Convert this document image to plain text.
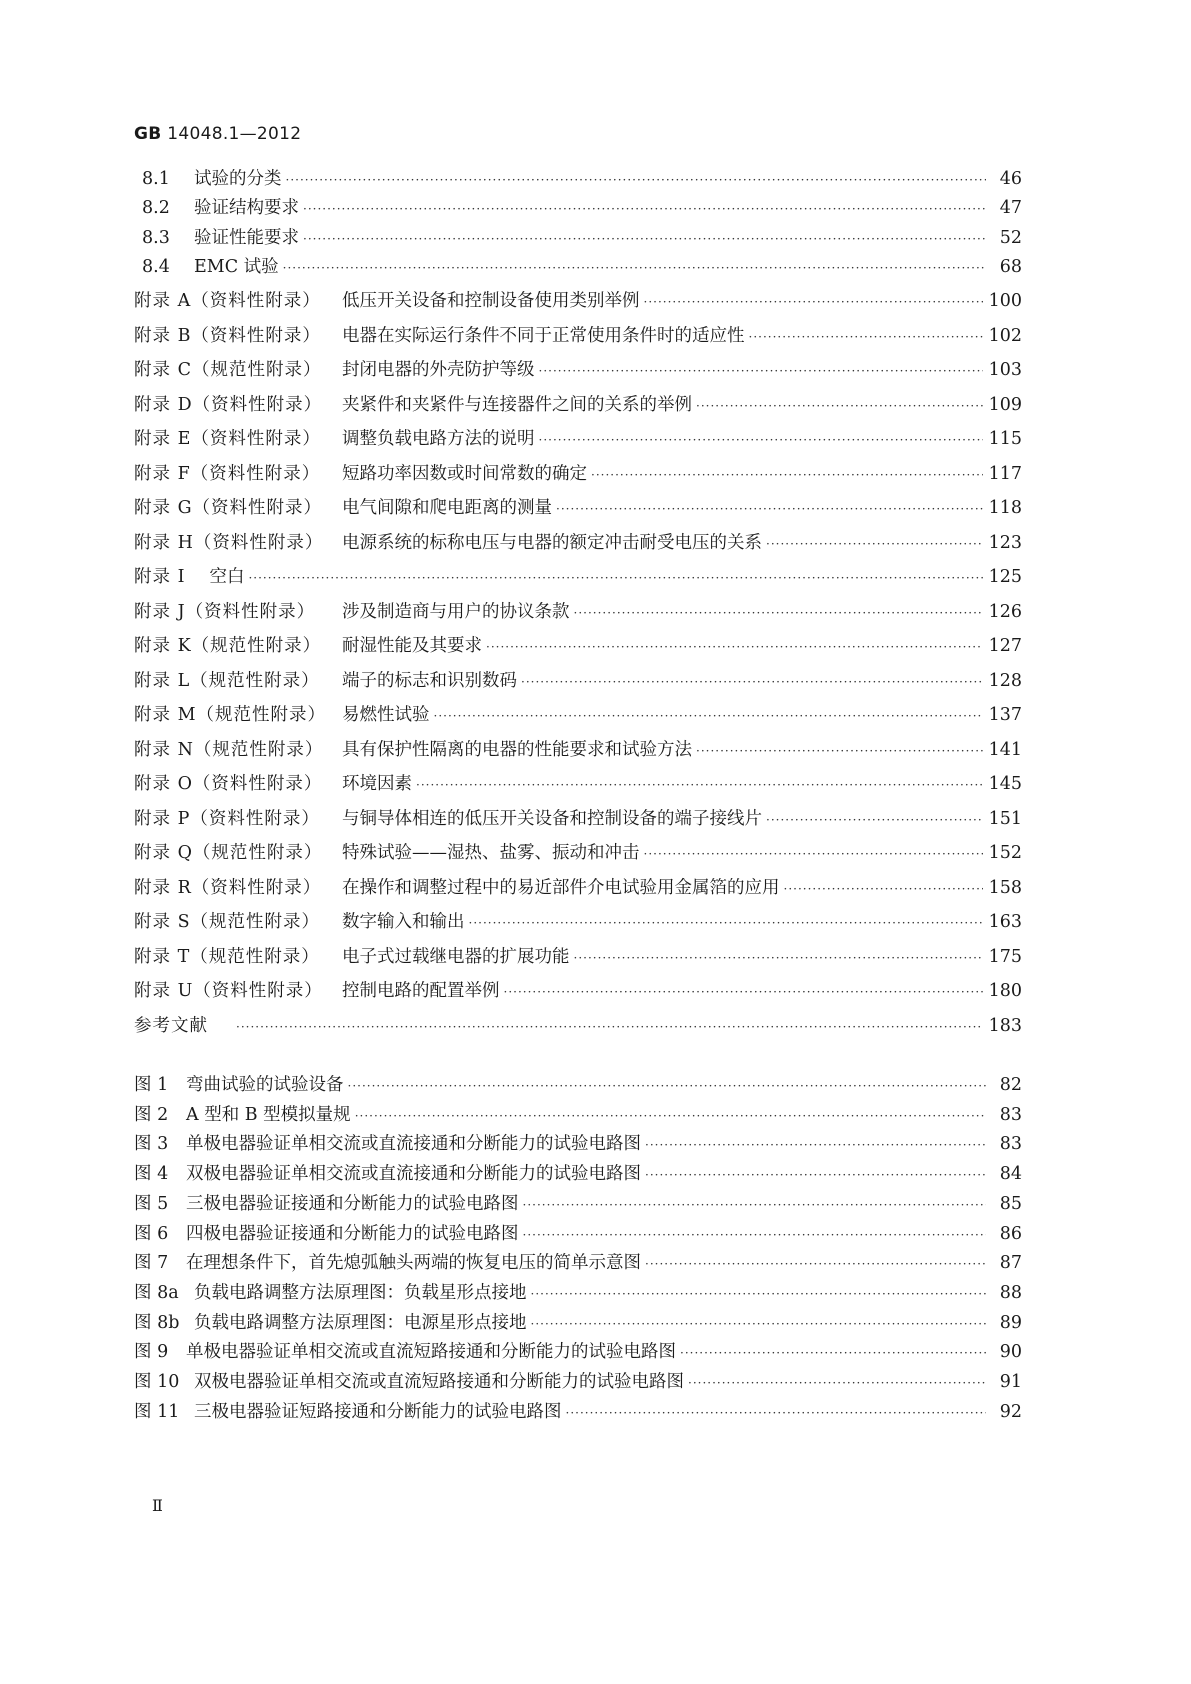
GB 14048.1—2012
8.1	试验的分类 ·····	46
8.2	验证结构要求 ·····	47
8.3	验证性能要求 ·····	52
8.4	EMC 试验 ·····	68
附录 A（资料性附录）	低压开关设备和控制设备使用类别举例 ·····	100
附录 B（资料性附录）	电器在实际运行条件不同于正常使用条件时的适应性 ·····	102
附录 C（规范性附录）	封闭电器的外壳防护等级 ·····	103
附录 D（资料性附录）	夹紧件和夹紧件与连接器件之间的关系的举例 ·····	109
附录 E（资料性附录）	调整负载电路方法的说明 ·····	115
附录 F（资料性附录）	短路功率因数或时间常数的确定 ·····	117
附录 G（资料性附录）	电气间隙和爬电距离的测量 ·····	118
附录 H（资料性附录）	电源系统的标称电压与电器的额定冲击耐受电压的关系 ·····	123
附录 I	空白 ·····	125
附录 J（资料性附录）	涉及制造商与用户的协议条款 ·····	126
附录 K（规范性附录）	耐湿性能及其要求 ·····	127
附录 L（规范性附录）	端子的标志和识别数码 ·····	128
附录 M（规范性附录） 易燃性试验 ·····	137
附录 N（规范性附录）	具有保护性隔离的电器的性能要求和试验方法 ·····	141
附录 O（资料性附录）	环境因素 ·····	145
附录 P（资料性附录）	与铜导体相连的低压开关设备和控制设备的端子接线片 ·····	151
附录 Q（规范性附录）	特殊试验——湿热、盐雾、振动和冲击 ·····	152
附录 R（资料性附录）	在操作和调整过程中的易近部件介电试验用金属箔的应用 ·····	158
附录 S（规范性附录）	数字输入和输出 ·····	163
附录 T（规范性附录）	电子式过载继电器的扩展功能 ·····	175
附录 U（资料性附录）	控制电路的配置举例 ·····	180
参考文献 ·····	183
图 1	弯曲试验的试验设备 ·····	82
图 2	A 型和 B 型模拟量规 ·····	83
图 3	单极电器验证单相交流或直流接通和分断能力的试验电路图 ·····	83
图 4	双极电器验证单相交流或直流接通和分断能力的试验电路图 ·····	84
图 5	三极电器验证接通和分断能力的试验电路图 ·····	85
图 6	四极电器验证接通和分断能力的试验电路图 ·····	86
图 7	在理想条件下，首先熄弧触头两端的恢复电压的简单示意图 ·····	87
图 8a 负载电路调整方法原理图：负载星形点接地 ·····	88
图 8b 负载电路调整方法原理图：电源星形点接地 ·····	89
图 9	单极电器验证单相交流或直流短路接通和分断能力的试验电路图 ·····	90
图 10 双极电器验证单相交流或直流短路接通和分断能力的试验电路图 ·····	91
图 11 三极电器验证短路接通和分断能力的试验电路图 ·····	92
Ⅱ
